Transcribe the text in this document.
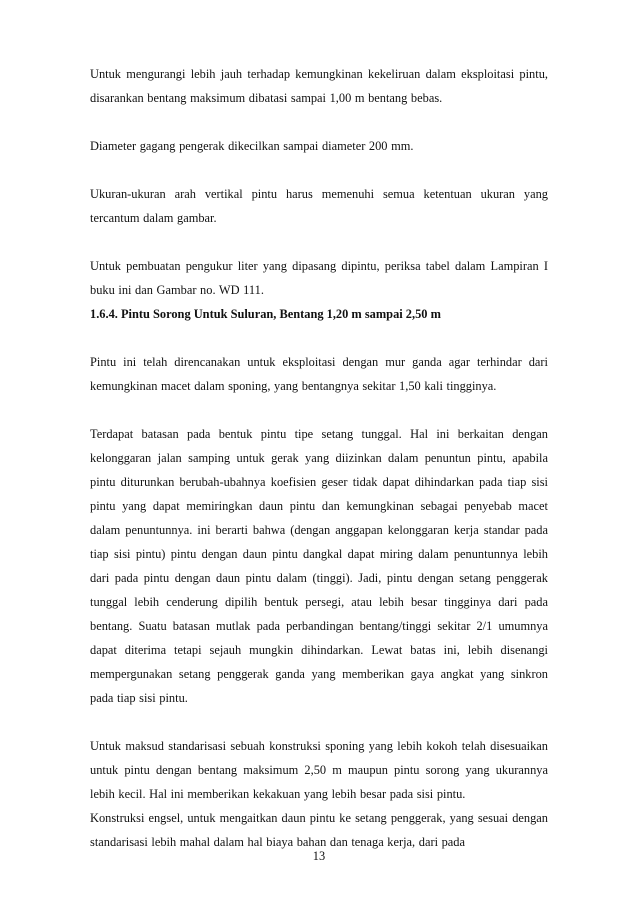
Untuk mengurangi lebih jauh terhadap kemungkinan kekeliruan dalam eksploitasi pintu, disarankan bentang maksimum dibatasi sampai 1,00 m bentang bebas.

Diameter gagang pengerak dikecilkan sampai diameter 200 mm.

Ukuran-ukuran arah vertikal pintu harus memenuhi semua ketentuan ukuran yang tercantum dalam gambar.

Untuk pembuatan pengukur liter yang dipasang dipintu, periksa tabel dalam Lampiran I buku ini dan Gambar no. WD 111.

1.6.4. Pintu Sorong Untuk Suluran, Bentang 1,20 m sampai 2,50 m

Pintu ini telah direncanakan untuk eksploitasi dengan mur ganda agar terhindar dari kemungkinan macet dalam sponing, yang bentangnya sekitar 1,50 kali tingginya.

Terdapat batasan pada bentuk pintu tipe setang tunggal. Hal ini berkaitan dengan kelonggaran jalan samping untuk gerak yang diizinkan dalam penuntun pintu, apabila pintu diturunkan berubah-ubahnya koefisien geser tidak dapat dihindarkan pada tiap sisi pintu yang dapat memiringkan daun pintu dan kemungkinan sebagai penyebab macet dalam penuntunnya. ini berarti bahwa (dengan anggapan kelonggaran kerja standar pada tiap sisi pintu) pintu dengan daun pintu dangkal dapat miring dalam penuntunnya lebih dari pada pintu dengan daun pintu dalam (tinggi). Jadi, pintu dengan setang penggerak tunggal lebih cenderung dipilih bentuk persegi, atau lebih besar tingginya dari pada bentang. Suatu batasan mutlak pada perbandingan bentang/tinggi sekitar 2/1 umumnya dapat diterima tetapi sejauh mungkin dihindarkan. Lewat batas ini, lebih disenangi mempergunakan setang penggerak ganda yang memberikan gaya angkat yang sinkron pada tiap sisi pintu.

Untuk maksud standarisasi sebuah konstruksi sponing yang lebih kokoh telah disesuaikan untuk pintu dengan bentang maksimum 2,50 m maupun pintu sorong yang ukurannya lebih kecil. Hal ini memberikan kekakuan yang lebih besar pada sisi pintu.

Konstruksi engsel, untuk mengaitkan daun pintu ke setang penggerak, yang sesuai dengan standarisasi lebih mahal dalam hal biaya bahan dan tenaga kerja, dari pada

13
